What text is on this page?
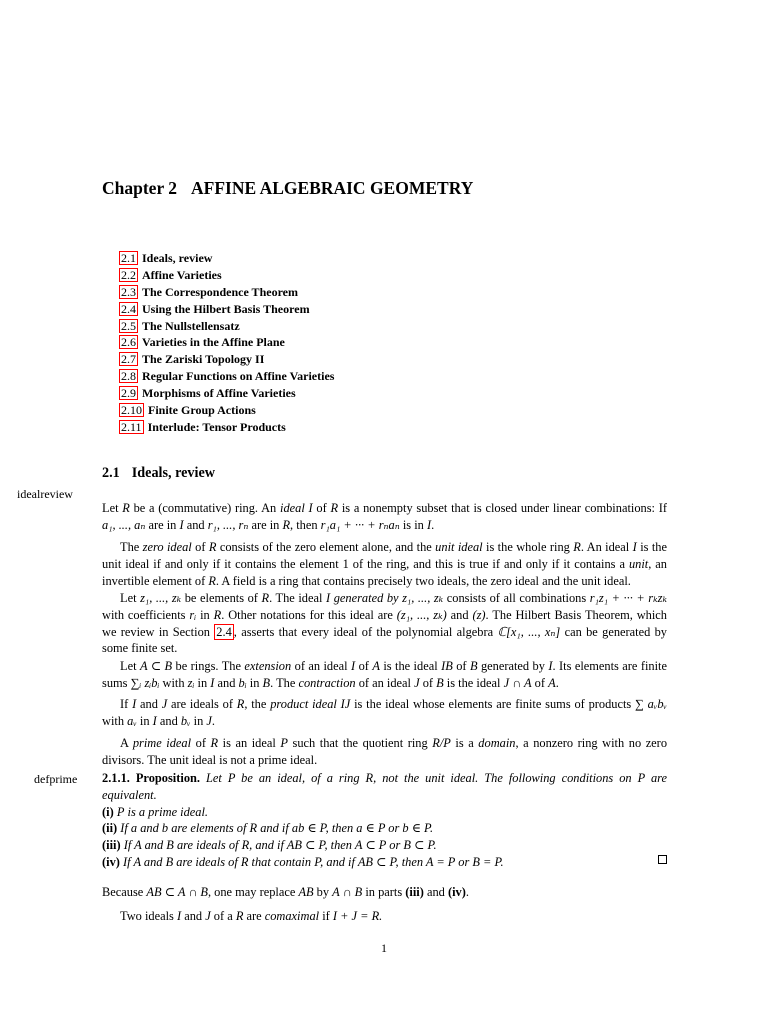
Chapter 2 AFFINE ALGEBRAIC GEOMETRY
2.1 Ideals, review
2.2 Affine Varieties
2.3 The Correspondence Theorem
2.4 Using the Hilbert Basis Theorem
2.5 The Nullstellensatz
2.6 Varieties in the Affine Plane
2.7 The Zariski Topology II
2.8 Regular Functions on Affine Varieties
2.9 Morphisms of Affine Varieties
2.10 Finite Group Actions
2.11 Interlude: Tensor Products
2.1 Ideals, review
idealreview
defprime
Let R be a (commutative) ring. An ideal I of R is a nonempty subset that is closed under linear combinations: If a₁, ..., aₙ are in I and r₁, ..., rₙ are in R, then r₁a₁ + ··· + rₙaₙ is in I.
The zero ideal of R consists of the zero element alone, and the unit ideal is the whole ring R. An ideal I is the unit ideal if and only if it contains the element 1 of the ring, and this is true if and only if it contains a unit, an invertible element of R. A field is a ring that contains precisely two ideals, the zero ideal and the unit ideal.
Let z₁, ..., zₖ be elements of R. The ideal I generated by z₁, ..., zₖ consists of all combinations r₁z₁ + ··· + rₖzₖ with coefficients rᵢ in R. Other notations for this ideal are (z₁, ..., zₖ) and (z). The Hilbert Basis Theorem, which we review in Section 2.4 , asserts that every ideal of the polynomial algebra ℂ[x₁, ..., xₙ] can be generated by some finite set.
Let A ⊂ B be rings. The extension of an ideal I of A is the ideal IB of B generated by I. Its elements are finite sums ∑ᵢ zᵢbᵢ with zᵢ in I and bᵢ in B. The contraction of an ideal J of B is the ideal J ∩ A of A.
If I and J are ideals of R, the product ideal IJ is the ideal whose elements are finite sums of products ∑ aᵥbᵥ with aᵥ in I and bᵥ in J.
A prime ideal of R is an ideal P such that the quotient ring R/P is a domain, a nonzero ring with no zero divisors. The unit ideal is not a prime ideal.
2.1.1. Proposition. Let P be an ideal, of a ring R, not the unit ideal. The following conditions on P are equivalent.
(i) P is a prime ideal.
(ii) If a and b are elements of R and if ab ∈ P, then a ∈ P or b ∈ P.
(iii) If A and B are ideals of R, and if AB ⊂ P, then A ⊂ P or B ⊂ P.
(iv) If A and B are ideals of R that contain P, and if AB ⊂ P, then A = P or B = P.
Because AB ⊂ A ∩ B, one may replace AB by A ∩ B in parts (iii) and (iv).
Two ideals I and J of a R are comaximal if I + J = R.
1
